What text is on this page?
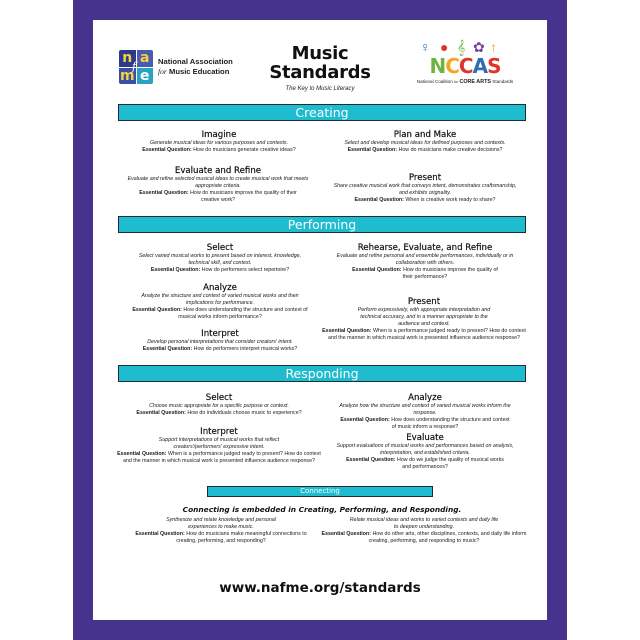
n a
m e
f	National Association
for Music Education
Music
Standards
The Key to Music Literacy
♀ ● 𝄞 ✿ ↑
NCCAS
National Coalition for CORE ARTS Standards
Creating
Imagine
Generate musical ideas for various purposes and contexts.
Essential Question: How do musicians generate creative ideas?
Plan and Make
Select and develop musical ideas for defined purposes and contexts.
Essential Question: How do musicians make creative decisions?
Evaluate and Refine
Evaluate and refine selected musical ideas to create musical work that meets appropriate criteria.
Essential Question: How do musicians improve the quality of their creative work?
Present
Share creative musical work that conveys intent, demonstrates craftsmanship, and exhibits orignality.
Essential Question: When is creative work ready to share?
Performing
Select
Select varied musical works to present based on interest, knowledge, technical skill, and context.
Essential Question: How do performers select repertoire?
Analyze
Analyze the structure and context of varied musical works and their implications for performance.
Essential Question: How does understanding the structure and context of musical works inform performance?
Interpret
Develop personal interpretations that consider creators' intent.
Essential Question: How do performers interpret musical works?
Rehearse, Evaluate, and Refine
Evaluate and refine personal and ensemble performances, individually or in collaboration with others.
Essential Question: How do musicians improve the quality of their performance?
Present
Perform expressively, with appropriate interpretation and technical accuracy, and in a manner appropriate to the audience and context.
Essential Question: When is a performance judged ready to present? How do context and the manner in which musical work is presented influence audience response?
Responding
Select
Choose music appropriate for a specific purpose or context.
Essential Question: How do individuals choose music to experience?
Interpret
Support interpretations of musical works that reflect creators'/performers' expressive intent.
Essential Question: When is a performance judged ready to present? How do context and the manner in which musical work is presented influence audience response?
Analyze
Analyze how the structure and context of varied musical works inform the response.
Essential Question: How does understanding the structure and context of music inform a response?
Evaluate
Support evaluations of musical works and performances based on analysis, interpretation, and established criteria.
Essential Question: How do we judge the quality of musical works and performances?
Connecting
Connecting is embedded in Creating, Performing, and Responding.
Synthesize and relate knowledge and personal experiences to make music.
Essential Question: How do musicians make meaningful connections to creating, performing, and responding?
Relate musical ideas and works to varied contexts and daily life to deepen understanding.
Essential Question: How do other arts, other disciplines, contexts, and daily life inform creating, performing, and responding to music?
www.nafme.org/standards
